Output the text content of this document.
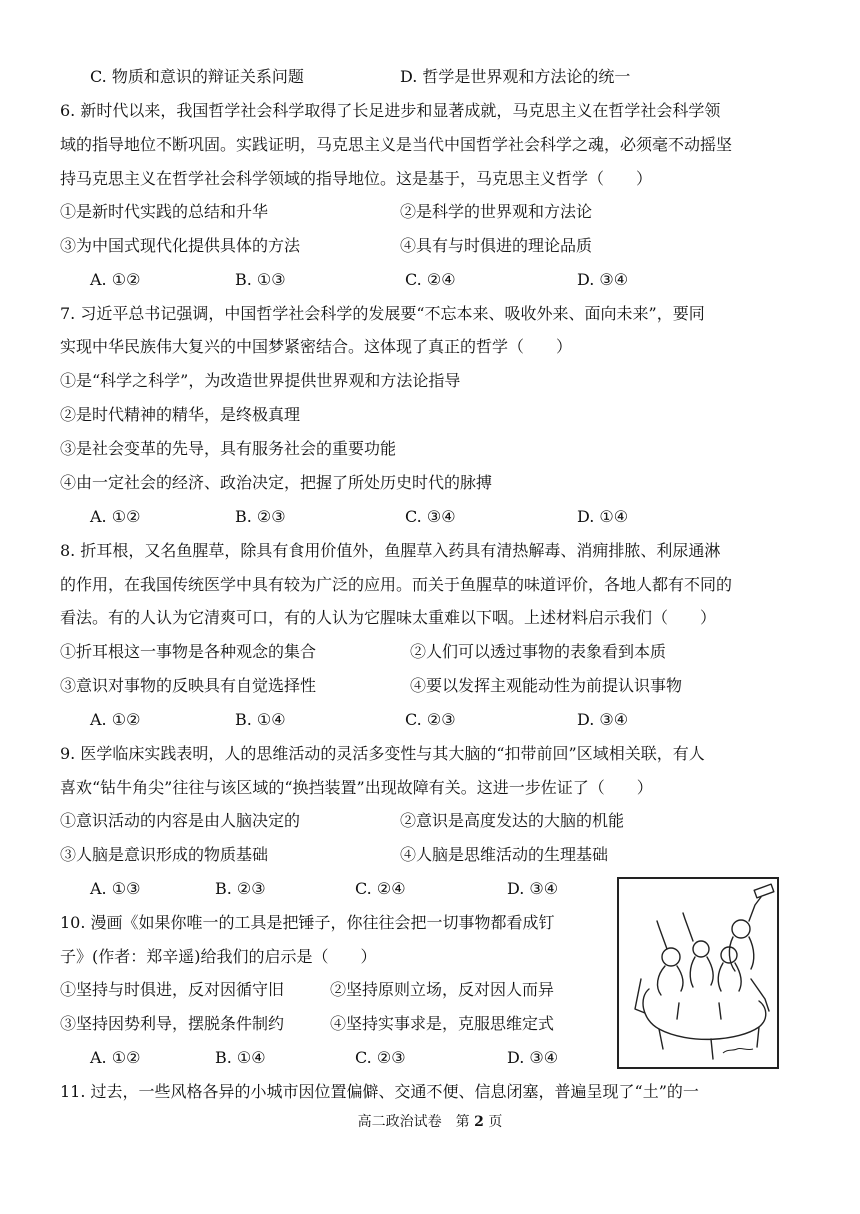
C. 物质和意识的辩证关系问题	D. 哲学是世界观和方法论的统一
6. 新时代以来，我国哲学社会科学取得了长足进步和显著成就，马克思主义在哲学社会科学领
域的指导地位不断巩固。实践证明，马克思主义是当代中国哲学社会科学之魂，必须毫不动摇坚
持马克思主义在哲学社会科学领域的指导地位。这是基于，马克思主义哲学（　　）
①是新时代实践的总结和升华	②是科学的世界观和方法论
③为中国式现代化提供具体的方法	④具有与时俱进的理论品质
A. ①②	B. ①③	C. ②④	D. ③④
7. 习近平总书记强调，中国哲学社会科学的发展要“不忘本来、吸收外来、面向未来”，要同
实现中华民族伟大复兴的中国梦紧密结合。这体现了真正的哲学（　　）
①是“科学之科学”，为改造世界提供世界观和方法论指导
②是时代精神的精华，是终极真理
③是社会变革的先导，具有服务社会的重要功能
④由一定社会的经济、政治决定，把握了所处历史时代的脉搏
A. ①②	B. ②③	C. ③④	D. ①④
8. 折耳根，又名鱼腥草，除具有食用价值外，鱼腥草入药具有清热解毒、消痈排脓、利尿通淋
的作用，在我国传统医学中具有较为广泛的应用。而关于鱼腥草的味道评价，各地人都有不同的
看法。有的人认为它清爽可口，有的人认为它腥味太重难以下咽。上述材料启示我们（　　）
①折耳根这一事物是各种观念的集合	②人们可以透过事物的表象看到本质
③意识对事物的反映具有自觉选择性	④要以发挥主观能动性为前提认识事物
A. ①②	B. ①④	C. ②③	D. ③④
9. 医学临床实践表明，人的思维活动的灵活多变性与其大脑的“扣带前回”区域相关联，有人
喜欢“钻牛角尖”往往与该区域的“换挡装置”出现故障有关。这进一步佐证了（　　）
①意识活动的内容是由人脑决定的	②意识是高度发达的大脑的机能
③人脑是意识形成的物质基础	④人脑是思维活动的生理基础
A. ①③	B. ②③	C. ②④	D. ③④
10. 漫画《如果你唯一的工具是把锤子，你往往会把一切事物都看成钉
子》(作者：郑辛遥)给我们的启示是（　　）
①坚持与时俱进，反对因循守旧	②坚持原则立场，反对因人而异
③坚持因势利导，摆脱条件制约	④坚持实事求是，克服思维定式
A. ①②	B. ①④	C. ②③	D. ③④
11. 过去，一些风格各异的小城市因位置偏僻、交通不便、信息闭塞，普遍呈现了“土”的一
高二政治试卷　第 2 页
